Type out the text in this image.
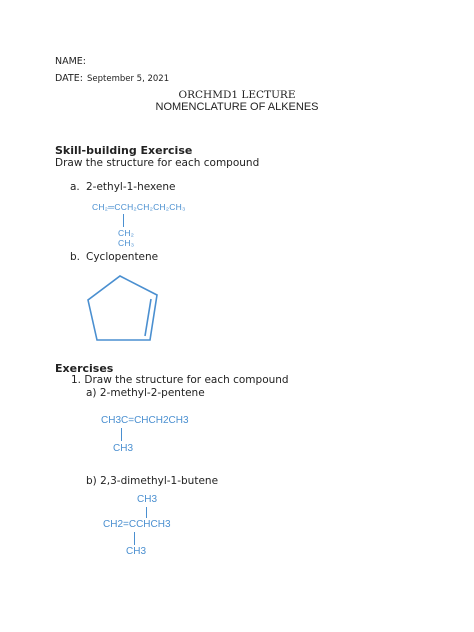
NAME:
DATE: September 5, 2021
ORCHMD1 LECTURE
NOMENCLATURE OF ALKENES
Skill-building Exercise
Draw the structure for each compound
a. 2-ethyl-1-hexene
CH₂═CCH₂CH₂CH₂CH₃
CH₂
CH₃
b. Cyclopentene
Exercises
1. Draw the structure for each compound
a) 2-methyl-2-pentene
CH3C=CHCH2CH3
CH3
b) 2,3-dimethyl-1-butene
CH3
CH2=CCHCH3
CH3
